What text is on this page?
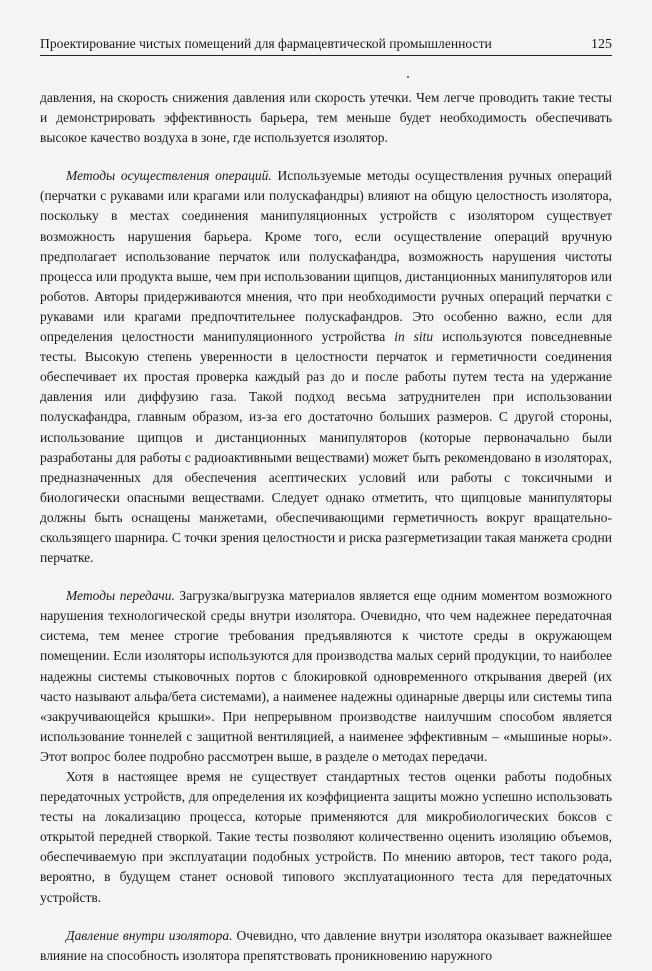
Проектирование чистых помещений для фармацевтической промышленности	125

давления, на скорость снижения давления или скорость утечки. Чем легче проводить такие тесты и демонстрировать эффективность барьера, тем меньше будет необходимость обеспечивать высокое качество воздуха в зоне, где используется изолятор.

Методы осуществления операций. Используемые методы осуществления ручных операций (перчатки с рукавами или крагами или полускафандры) влияют на общую целостность изолятора, поскольку в местах соединения манипуляционных устройств с изолятором существует возможность нарушения барьера. Кроме того, если осуществление операций вручную предполагает использование перчаток или полускафандра, возможность нарушения чистоты процесса или продукта выше, чем при использовании щипцов, дистанционных манипуляторов или роботов. Авторы придерживаются мнения, что при необходимости ручных операций перчатки с рукавами или крагами предпочтительнее полускафандров. Это особенно важно, если для определения целостности манипуляционного устройства in situ используются повседневные тесты. Высокую степень уверенности в целостности перчаток и герметичности соединения обеспечивает их простая проверка каждый раз до и после работы путем теста на удержание давления или диффузию газа. Такой подход весьма затруднителен при использовании полускафандра, главным образом, из-за его достаточно больших размеров. С другой стороны, использование щипцов и дистанционных манипуляторов (которые первоначально были разработаны для работы с радиоактивными веществами) может быть рекомендовано в изоляторах, предназначенных для обеспечения асептических условий или работы с токсичными и биологически опасными веществами. Следует однако отметить, что щипцовые манипуляторы должны быть оснащены манжетами, обеспечивающими герметичность вокруг вращательно-скользящего шарнира. С точки зрения целостности и риска разгерметизации такая манжета сродни перчатке.

Методы передачи. Загрузка/выгрузка материалов является еще одним моментом возможного нарушения технологической среды внутри изолятора. Очевидно, что чем надежнее передаточная система, тем менее строгие требования предъявляются к чистоте среды в окружающем помещении. Если изоляторы используются для производства малых серий продукции, то наиболее надежны системы стыковочных портов с блокировкой одновременного открывания дверей (их часто называют альфа/бета системами), а наименее надежны одинарные дверцы или системы типа «закручивающейся крышки». При непрерывном производстве наилучшим способом является использование тоннелей с защитной вентиляцией, а наименее эффективным – «мышиные норы». Этот вопрос более подробно рассмотрен выше, в разделе о методах передачи.

Хотя в настоящее время не существует стандартных тестов оценки работы подобных передаточных устройств, для определения их коэффициента защиты можно успешно использовать тесты на локализацию процесса, которые применяются для микробиологических боксов с открытой передней створкой. Такие тесты позволяют количественно оценить изоляцию объемов, обеспечиваемую при эксплуатации подобных устройств. По мнению авторов, тест такого рода, вероятно, в будущем станет основой типового эксплуатационного теста для передаточных устройств.

Давление внутри изолятора. Очевидно, что давление внутри изолятора оказывает важнейшее влияние на способность изолятора препятствовать проникновению наружного
